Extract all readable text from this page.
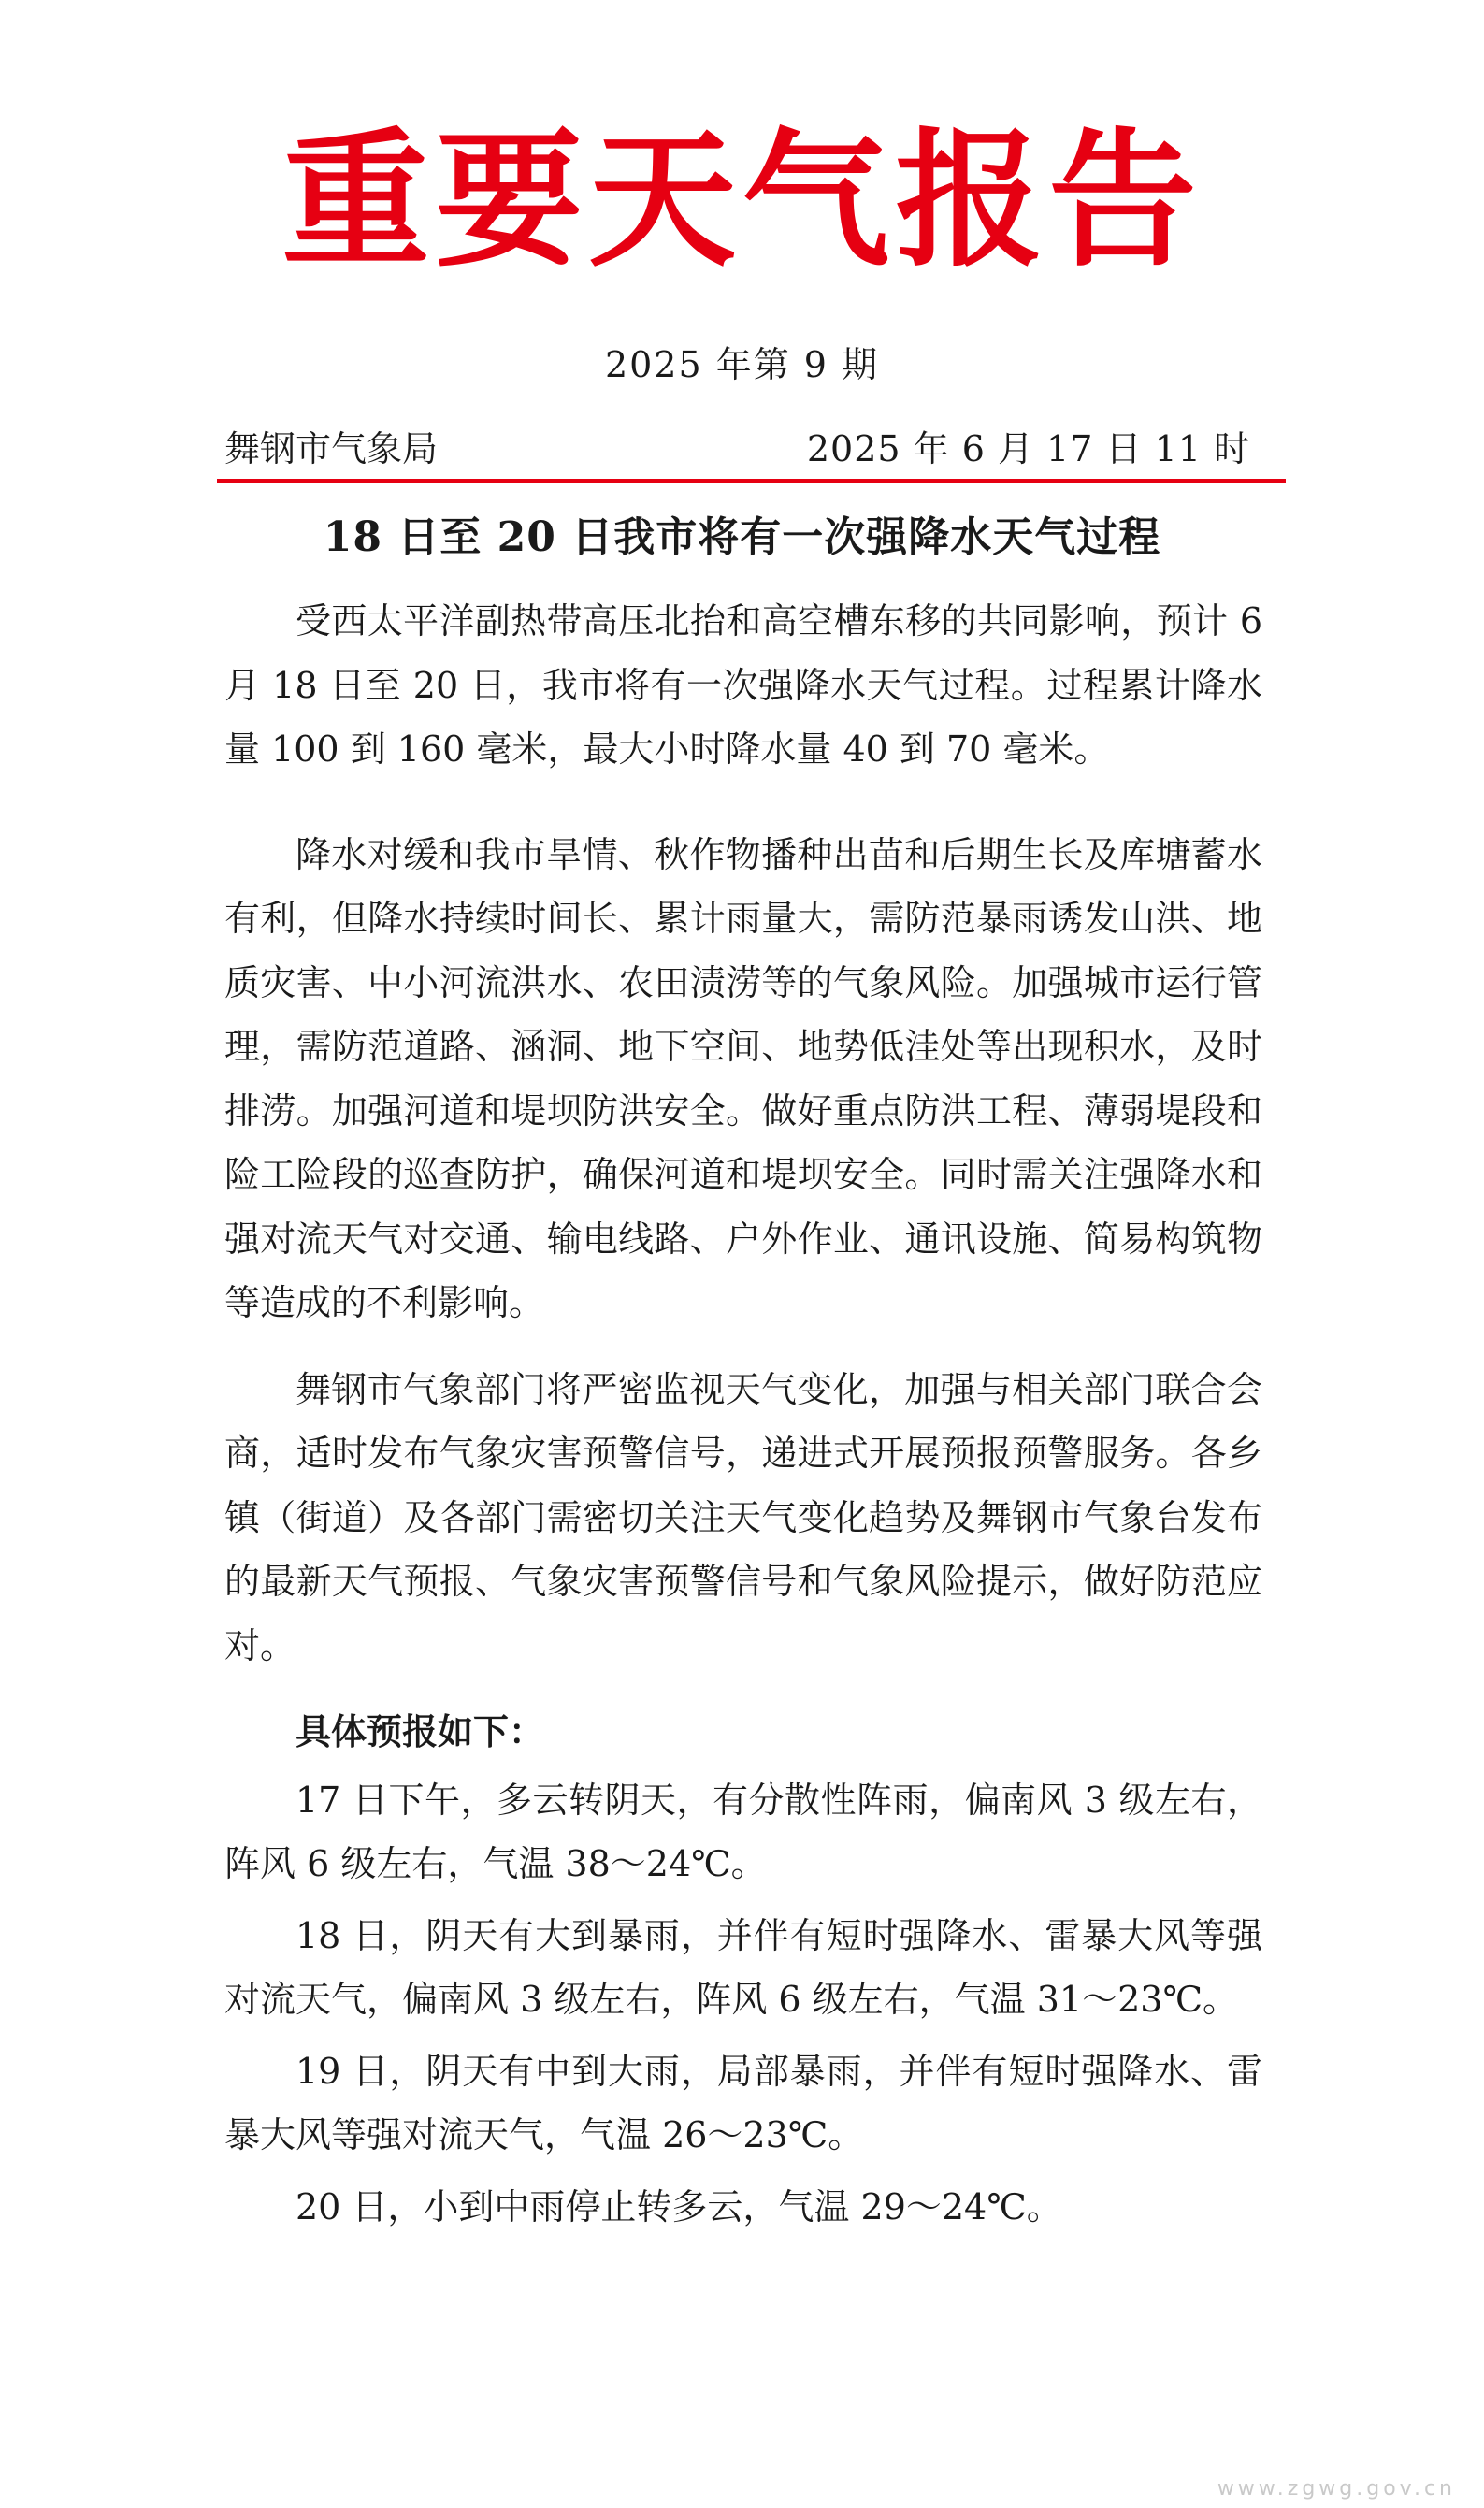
重要天气报告
2025 年第 9 期
舞钢市气象局	2025 年 6 月 17 日 11 时
18 日至 20 日我市将有一次强降水天气过程

受西太平洋副热带高压北抬和高空槽东移的共同影响，预计 6 月 18 日至 20 日，我市将有一次强降水天气过程。过程累计降水量 100 到 160 毫米，最大小时降水量 40 到 70 毫米。

降水对缓和我市旱情、秋作物播种出苗和后期生长及库塘蓄水有利，但降水持续时间长、累计雨量大，需防范暴雨诱发山洪、地质灾害、中小河流洪水、农田渍涝等的气象风险。加强城市运行管理，需防范道路、涵洞、地下空间、地势低洼处等出现积水，及时排涝。加强河道和堤坝防洪安全。做好重点防洪工程、薄弱堤段和险工险段的巡查防护，确保河道和堤坝安全。同时需关注强降水和强对流天气对交通、输电线路、户外作业、通讯设施、简易构筑物等造成的不利影响。

舞钢市气象部门将严密监视天气变化，加强与相关部门联合会商，适时发布气象灾害预警信号，递进式开展预报预警服务。各乡镇（街道）及各部门需密切关注天气变化趋势及舞钢市气象台发布的最新天气预报、气象灾害预警信号和气象风险提示，做好防范应对。

具体预报如下：

17 日下午，多云转阴天，有分散性阵雨，偏南风 3 级左右，阵风 6 级左右，气温 38～24℃。

18 日，阴天有大到暴雨，并伴有短时强降水、雷暴大风等强对流天气，偏南风 3 级左右，阵风 6 级左右，气温 31～23℃。

19 日，阴天有中到大雨，局部暴雨，并伴有短时强降水、雷暴大风等强对流天气，气温 26～23℃。

20 日，小到中雨停止转多云，气温 29～24℃。

www.zgwg.gov.cn
